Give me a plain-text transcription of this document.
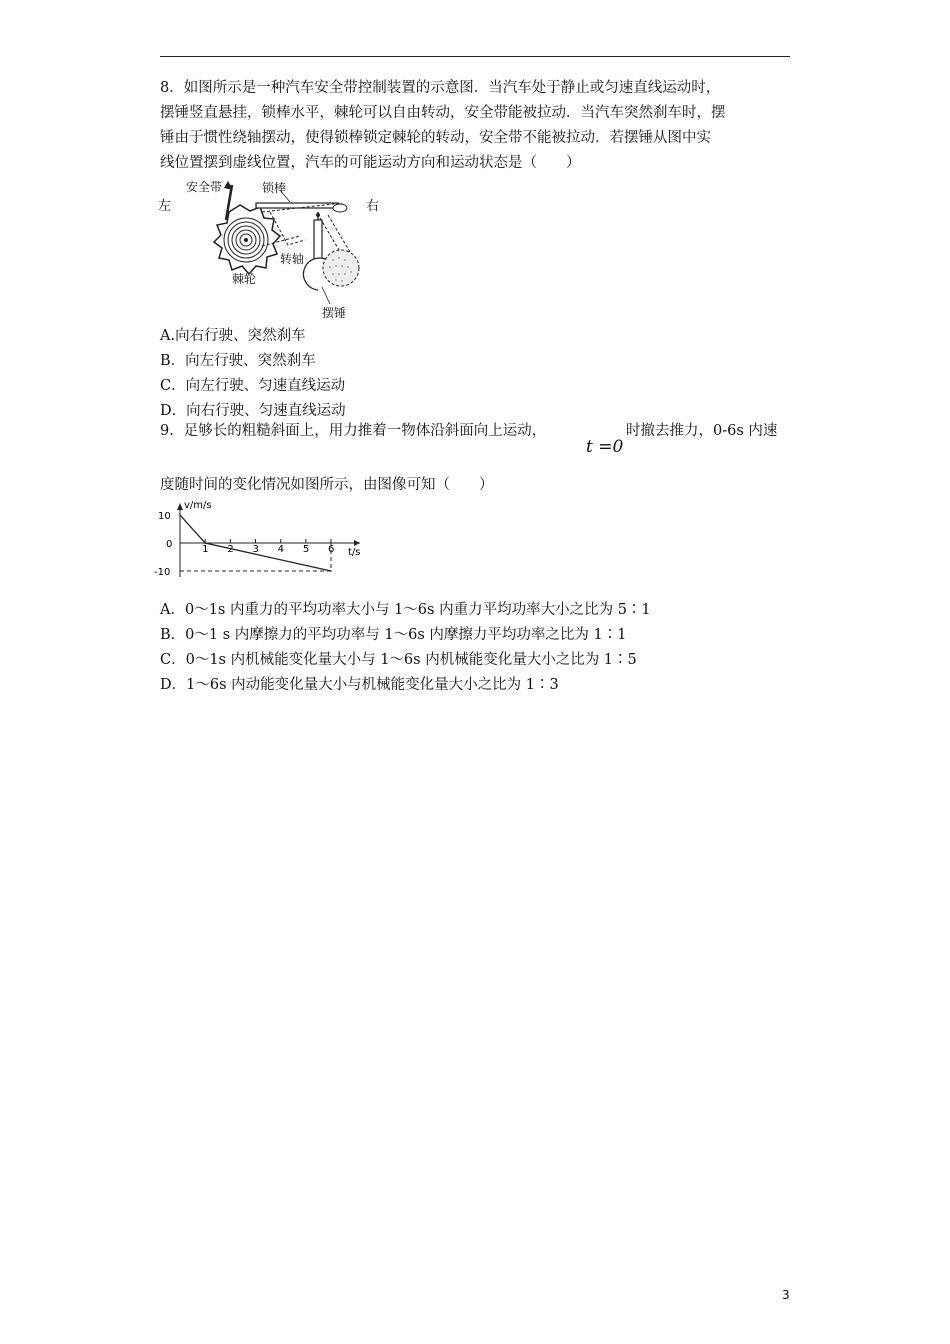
8．如图所示是一种汽车安全带控制装置的示意图．当汽车处于静止或匀速直线运动时，
摆锤竖直悬挂，锁棒水平，棘轮可以自由转动，安全带能被拉动．当汽车突然刹车时，摆
锤由于惯性绕轴摆动，使得锁棒锁定棘轮的转动，安全带不能被拉动．若摆锤从图中实
线位置摆到虚线位置，汽车的可能运动方向和运动状态是（　　）
左	右
安全带	锁棒
转轴
棘轮
摆锤
A.向右行驶、突然刹车
B．向左行驶、突然刹车
C．向左行驶、匀速直线运动
D．向右行驶、匀速直线运动
9．足够长的粗糙斜面上，用力推着一物体沿斜面向上运动，
t =0
时撤去推力，0-6s 内速
度随时间的变化情况如图所示，由图像可知（　　）
v/m/s
t/s
1 2 3 4 5 6
10
0
-10
A．0～1s 内重力的平均功率大小与 1～6s 内重力平均功率大小之比为 5∶1
B．0～1 s 内摩擦力的平均功率与 1～6s 内摩擦力平均功率之比为 1∶1
C．0～1s 内机械能变化量大小与 1～6s 内机械能变化量大小之比为 1∶5
D．1～6s 内动能变化量大小与机械能变化量大小之比为 1∶3
3
